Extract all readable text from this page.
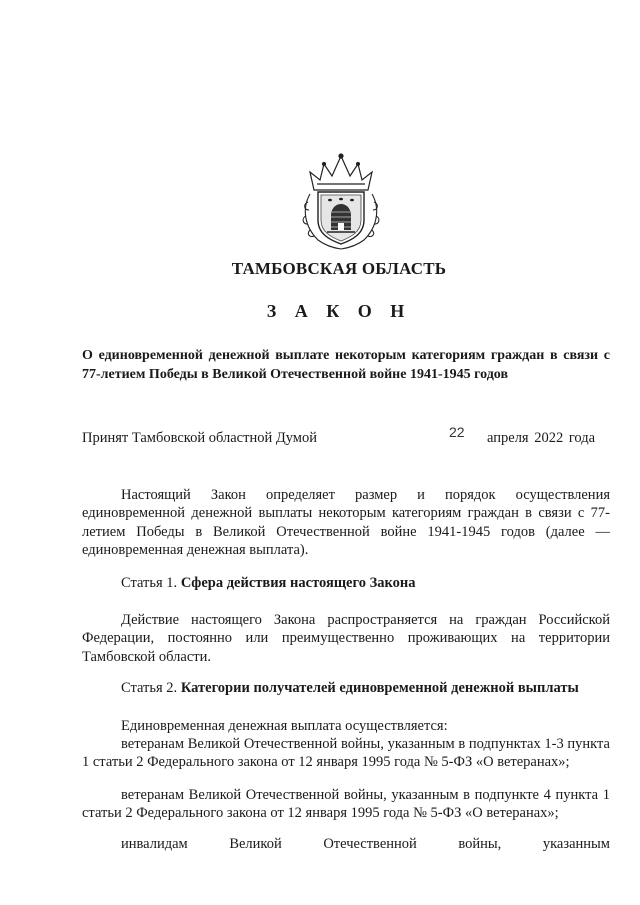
ТАМБОВСКАЯ ОБЛАСТЬ
З А К О Н
О единовременной денежной выплате некоторым категориям граждан в связи с 77-летием Победы в Великой Отечественной войне 1941-1945 годов
Принят Тамбовской областной Думой	22 апреля 2022 года
Настоящий Закон определяет размер и порядок осуществления единовременной денежной выплаты некоторым категориям граждан в связи с 77-летием Победы в Великой Отечественной войне 1941-1945 годов (далее — единовременная денежная выплата).
Статья 1. Сфера действия настоящего Закона
Действие настоящего Закона распространяется на граждан Российской Федерации, постоянно или преимущественно проживающих на территории Тамбовской области.
Статья 2. Категории получателей единовременной денежной выплаты
Единовременная денежная выплата осуществляется:
ветеранам Великой Отечественной войны, указанным в подпунктах 1-3 пункта 1 статьи 2 Федерального закона от 12 января 1995 года № 5-ФЗ «О ветеранах»;
ветеранам Великой Отечественной войны, указанным в подпункте 4 пункта 1 статьи 2 Федерального закона от 12 января 1995 года № 5-ФЗ «О ветеранах»;
инвалидам	Великой	Отечественной	войны,	указанным
